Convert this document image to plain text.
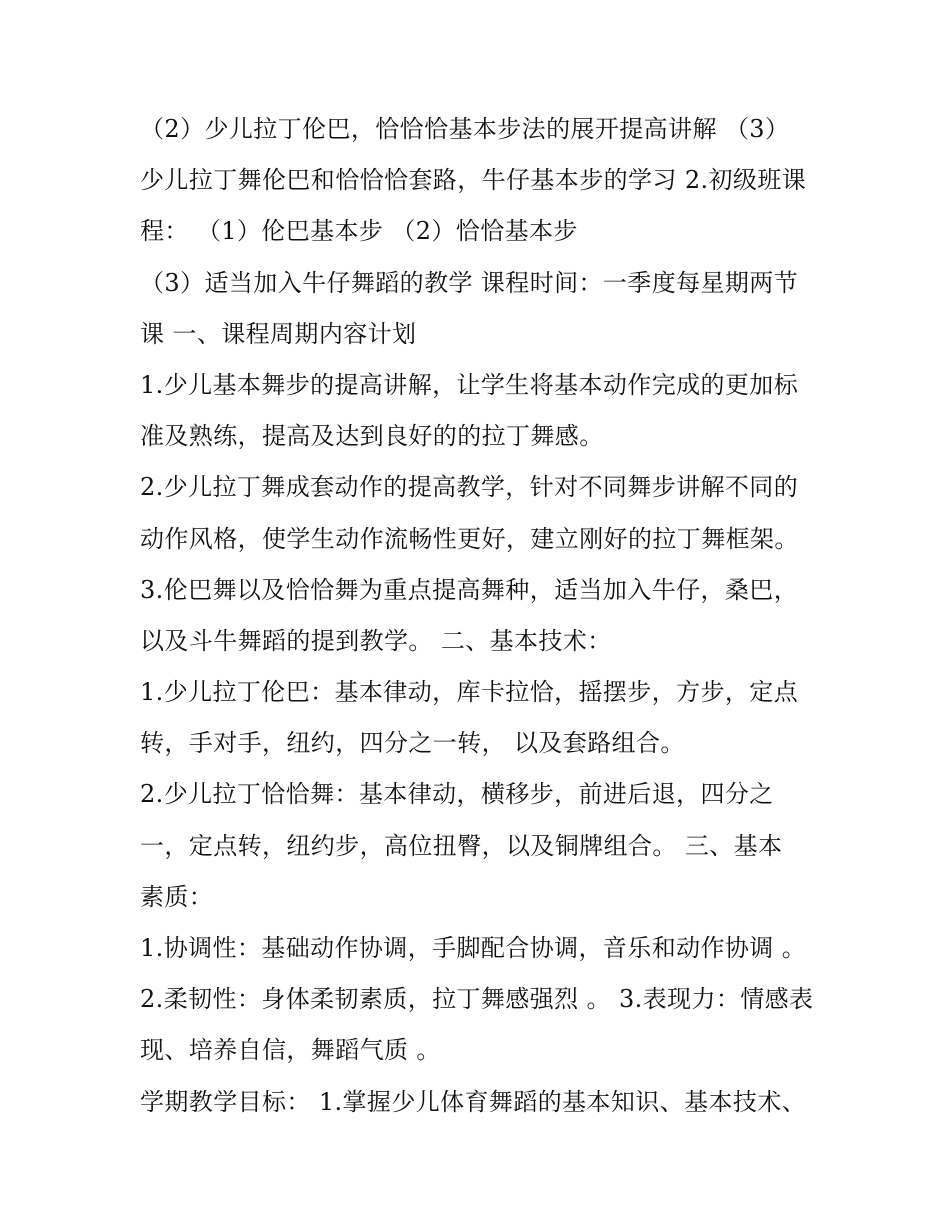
（2）少儿拉丁伦巴，恰恰恰基本步法的展开提高讲解 （3）
少儿拉丁舞伦巴和恰恰恰套路，牛仔基本步的学习 2.初级班课
程： （1）伦巴基本步 （2）恰恰基本步
（3）适当加入牛仔舞蹈的教学 课程时间：一季度每星期两节
课 一、课程周期内容计划
1.少儿基本舞步的提高讲解，让学生将基本动作完成的更加标
准及熟练，提高及达到良好的的拉丁舞感。
2.少儿拉丁舞成套动作的提高教学，针对不同舞步讲解不同的
动作风格，使学生动作流畅性更好，建立刚好的拉丁舞框架。
3.伦巴舞以及恰恰舞为重点提高舞种，适当加入牛仔，桑巴，
以及斗牛舞蹈的提到教学。 二、基本技术：
1.少儿拉丁伦巴：基本律动，库卡拉恰，摇摆步，方步，定点
转，手对手，纽约，四分之一转， 以及套路组合。
2.少儿拉丁恰恰舞：基本律动，横移步，前进后退，四分之
一，定点转，纽约步，高位扭臀，以及铜牌组合。 三、基本
素质：
1.协调性：基础动作协调，手脚配合协调，音乐和动作协调 。
2.柔韧性：身体柔韧素质，拉丁舞感强烈 。 3.表现力：情感表
现、培养自信，舞蹈气质 。
学期教学目标： 1.掌握少儿体育舞蹈的基本知识、基本技术、
